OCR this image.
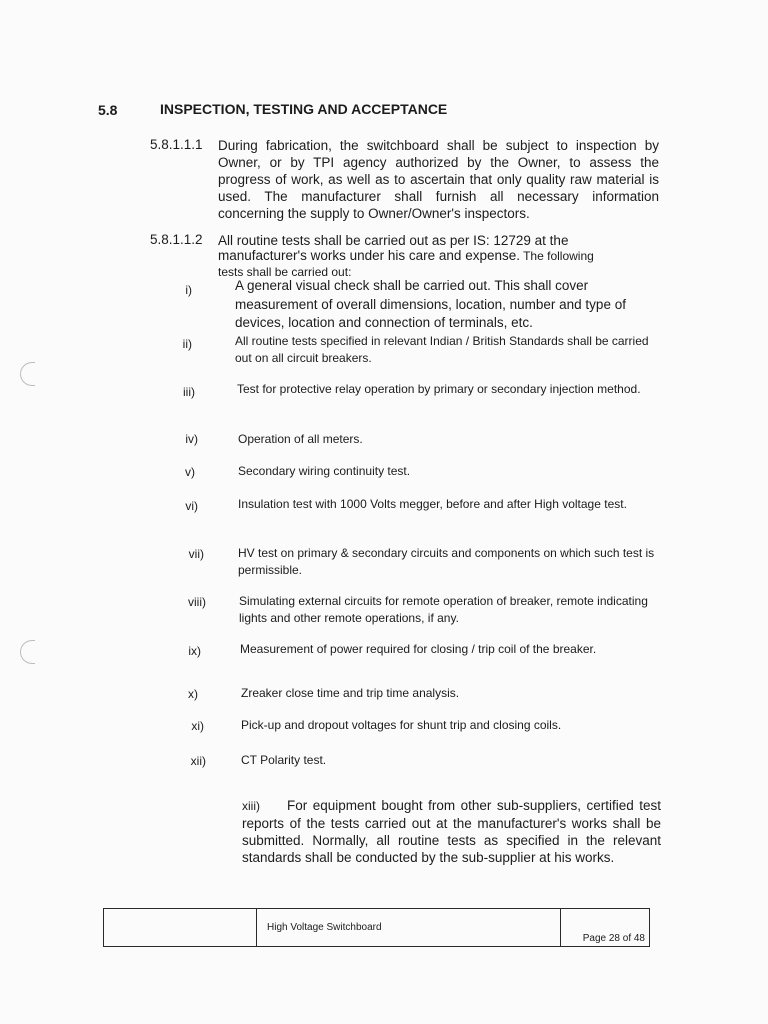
5.8	INSPECTION, TESTING AND ACCEPTANCE
5.8.1.1.1 During fabrication, the switchboard shall be subject to inspection by Owner, or by TPI agency authorized by the Owner, to assess the progress of work, as well as to ascertain that only quality raw material is used. The manufacturer shall furnish all necessary information concerning the supply to Owner/Owner's inspectors.
5.8.1.1.2 All routine tests shall be carried out as per IS: 12729 at the
manufacturer's works under his care and expense. The following
tests shall be carried out:
i)	A general visual check shall be carried out. This shall cover measurement of overall dimensions, location, number and type of devices, location and connection of terminals, etc.
ii)	All routine tests specified in relevant Indian / British Standards shall be carried out on all circuit breakers.
iii)	Test for protective relay operation by primary or secondary injection method.
iv)	Operation of all meters.
v)	Secondary wiring continuity test.
vi)	Insulation test with 1000 Volts megger, before and after High voltage test.
vii)	HV test on primary & secondary circuits and components on which such test is permissible.
viii)	Simulating external circuits for remote operation of breaker, remote indicating lights and other remote operations, if any.
ix)	Measurement of power required for closing / trip coil of the breaker.
x)	Zreaker close time and trip time analysis.
xi)	Pick-up and dropout voltages for shunt trip and closing coils.
xii)	CT Polarity test.
xiii) For equipment bought from other sub-suppliers, certified test reports of the tests carried out at the manufacturer's works shall be submitted. Normally, all routine tests as specified in the relevant standards shall be conducted by the sub-supplier at his works.
High Voltage Switchboard
Page 28 of 48
